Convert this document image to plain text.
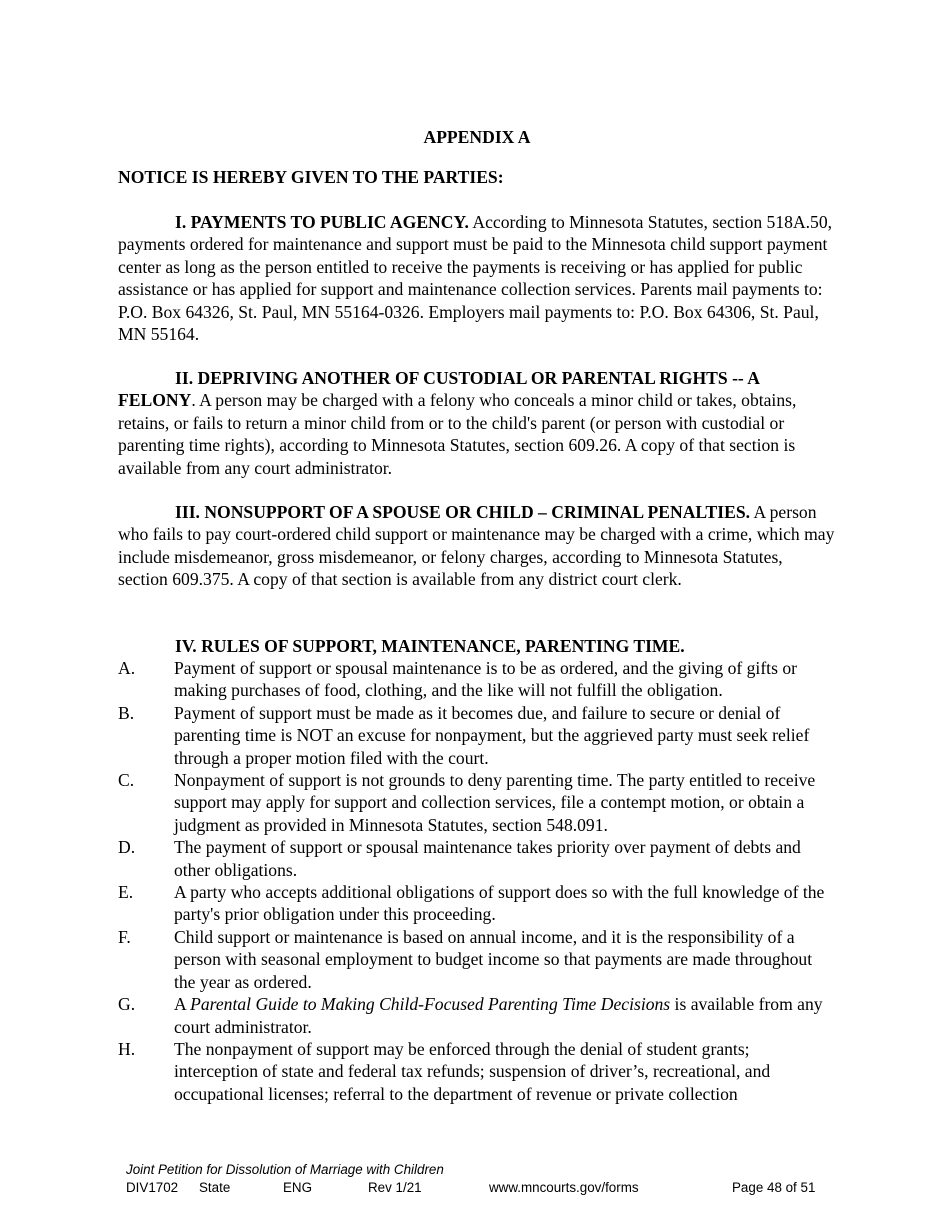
APPENDIX A
NOTICE IS HEREBY GIVEN TO THE PARTIES:

I. PAYMENTS TO PUBLIC AGENCY. According to Minnesota Statutes, section 518A.50, payments ordered for maintenance and support must be paid to the Minnesota child support payment center as long as the person entitled to receive the payments is receiving or has applied for public assistance or has applied for support and maintenance collection services. Parents mail payments to: P.O. Box 64326, St. Paul, MN 55164-0326. Employers mail payments to: P.O. Box 64306, St. Paul, MN 55164.

II. DEPRIVING ANOTHER OF CUSTODIAL OR PARENTAL RIGHTS -- A FELONY. A person may be charged with a felony who conceals a minor child or takes, obtains, retains, or fails to return a minor child from or to the child's parent (or person with custodial or parenting time rights), according to Minnesota Statutes, section 609.26. A copy of that section is available from any court administrator.

III. NONSUPPORT OF A SPOUSE OR CHILD – CRIMINAL PENALTIES. A person who fails to pay court-ordered child support or maintenance may be charged with a crime, which may include misdemeanor, gross misdemeanor, or felony charges, according to Minnesota Statutes, section 609.375. A copy of that section is available from any district court clerk.

IV. RULES OF SUPPORT, MAINTENANCE, PARENTING TIME.
A.	Payment of support or spousal maintenance is to be as ordered, and the giving of gifts or making purchases of food, clothing, and the like will not fulfill the obligation.
B.	Payment of support must be made as it becomes due, and failure to secure or denial of parenting time is NOT an excuse for nonpayment, but the aggrieved party must seek relief through a proper motion filed with the court.
C.	Nonpayment of support is not grounds to deny parenting time. The party entitled to receive support may apply for support and collection services, file a contempt motion, or obtain a judgment as provided in Minnesota Statutes, section 548.091.
D.	The payment of support or spousal maintenance takes priority over payment of debts and other obligations.
E.	A party who accepts additional obligations of support does so with the full knowledge of the party's prior obligation under this proceeding.
F.	Child support or maintenance is based on annual income, and it is the responsibility of a person with seasonal employment to budget income so that payments are made throughout the year as ordered.
G.	A Parental Guide to Making Child-Focused Parenting Time Decisions is available from any court administrator.
H.	The nonpayment of support may be enforced through the denial of student grants; interception of state and federal tax refunds; suspension of driver’s, recreational, and occupational licenses; referral to the department of revenue or private collection
Joint Petition for Dissolution of Marriage with Children
DIV1702 State	ENG	Rev 1/21	www.mncourts.gov/forms	Page 48 of 51
